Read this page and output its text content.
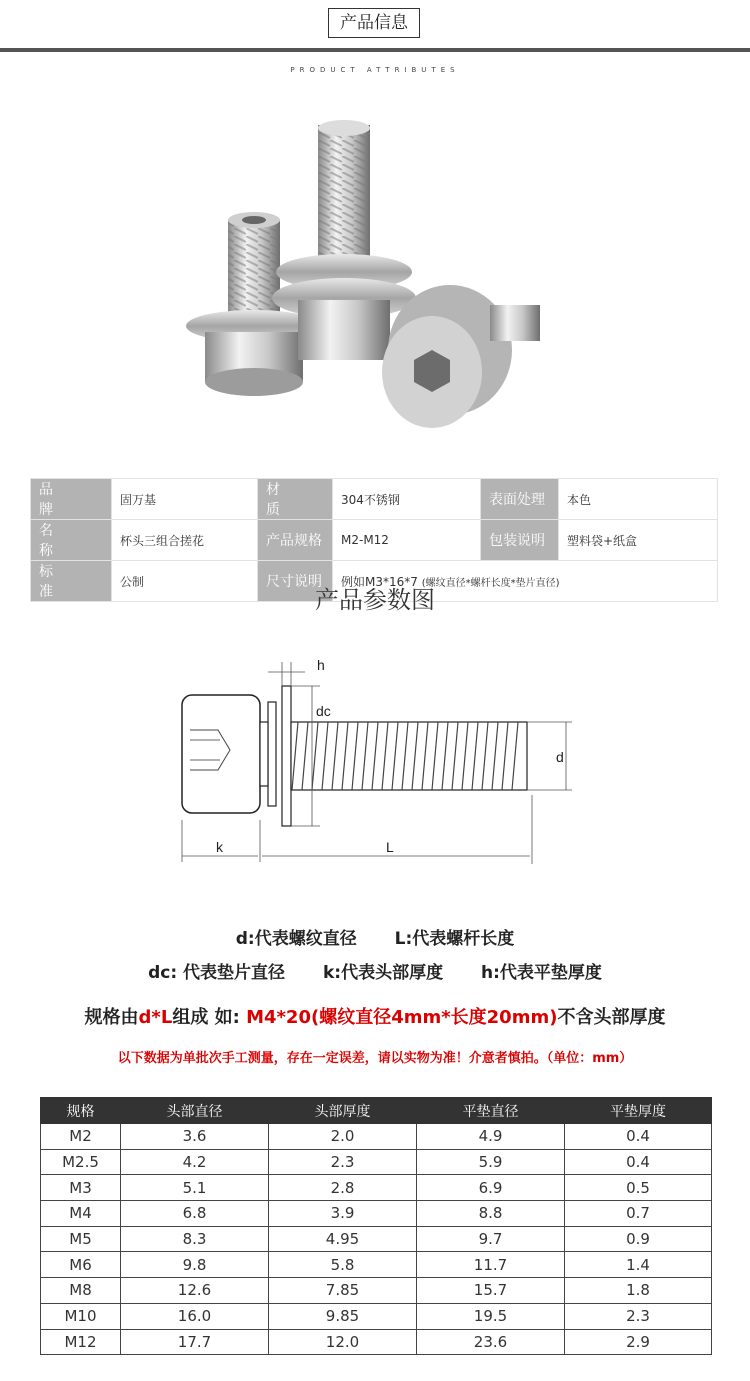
产品信息
PRODUCT ATTRIBUTES
品牌	固万基	材质	304不锈钢	表面处理	本色
名称	杯头三组合搓花	产品规格	M2-M12	包装说明	塑料袋+纸盒
标准	公制	尺寸说明	例如M3*16*7 (螺纹直径*螺杆长度*垫片直径)		
产品参数图
h
dc
d
k	L
d:代表螺纹直径 L:代表螺杆长度
dc: 代表垫片直径 k:代表头部厚度 h:代表平垫厚度
规格由d*L组成 如: M4*20(螺纹直径4mm*长度20mm)不含头部厚度
以下数据为单批次手工测量，存在一定误差，请以实物为准！介意者慎拍。（单位：mm）
规格	头部直径	头部厚度	平垫直径	平垫厚度
M2	3.6	2.0	4.9	0.4
M2.5	4.2	2.3	5.9	0.4
M3	5.1	2.8	6.9	0.5
M4	6.8	3.9	8.8	0.7
M5	8.3	4.95	9.7	0.9
M6	9.8	5.8	11.7	1.4
M8	12.6	7.85	15.7	1.8
M10	16.0	9.85	19.5	2.3
M12	17.7	12.0	23.6	2.9
